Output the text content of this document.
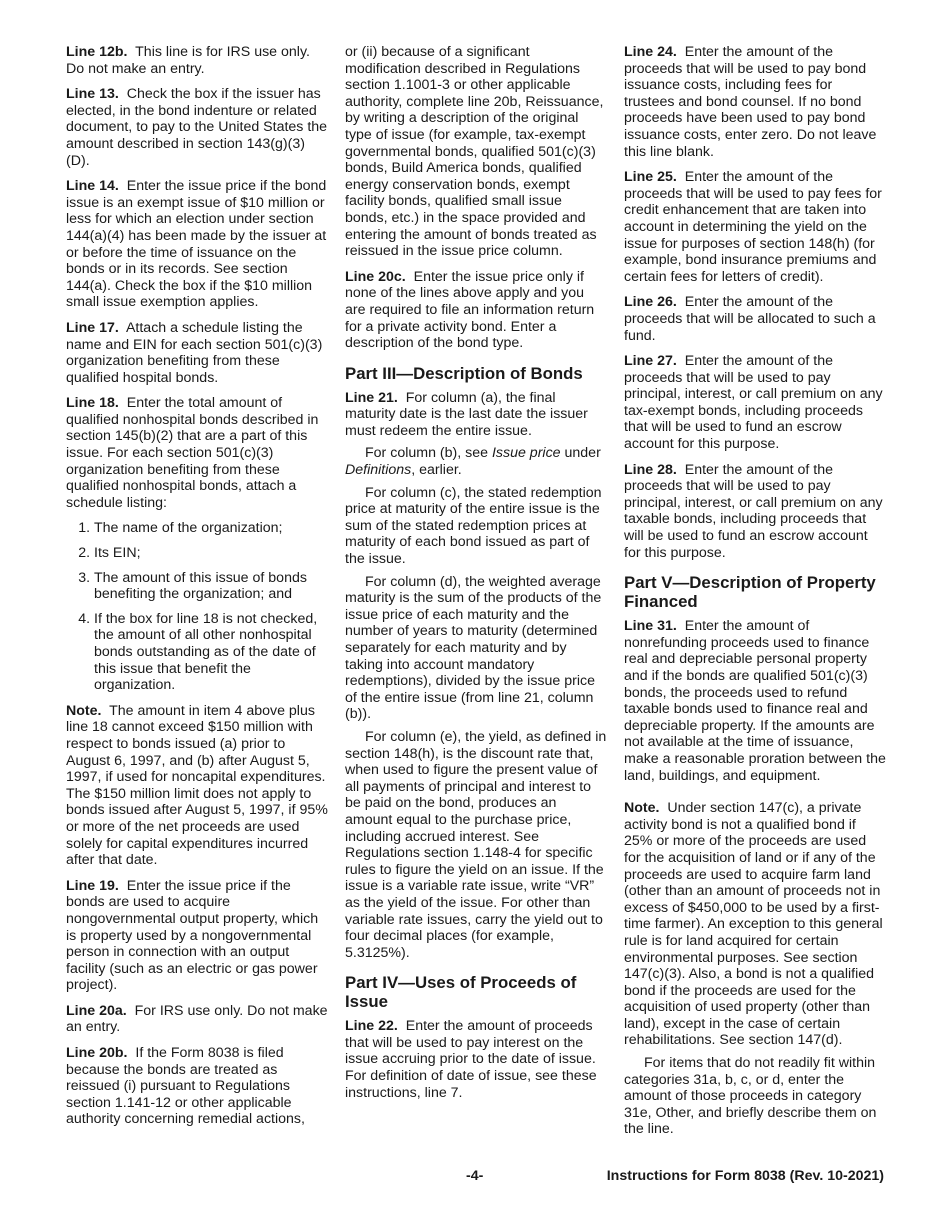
Line 12b. This line is for IRS use only. Do not make an entry.

Line 13. Check the box if the issuer has elected, in the bond indenture or related document, to pay to the United States the amount described in section 143(g)(3)(D).

Line 14. Enter the issue price if the bond issue is an exempt issue of $10 million or less for which an election under section 144(a)(4) has been made by the issuer at or before the time of issuance on the bonds or in its records. See section 144(a). Check the box if the $10 million small issue exemption applies.

Line 17. Attach a schedule listing the name and EIN for each section 501(c)(3) organization benefiting from these qualified hospital bonds.

Line 18. Enter the total amount of qualified nonhospital bonds described in section 145(b)(2) that are a part of this issue. For each section 501(c)(3) organization benefiting from these qualified nonhospital bonds, attach a schedule listing:

1. The name of the organization;
2. Its EIN;
3. The amount of this issue of bonds benefiting the organization; and
4. If the box for line 18 is not checked, the amount of all other nonhospital bonds outstanding as of the date of this issue that benefit the organization.

Note. The amount in item 4 above plus line 18 cannot exceed $150 million with respect to bonds issued (a) prior to August 6, 1997, and (b) after August 5, 1997, if used for noncapital expenditures. The $150 million limit does not apply to bonds issued after August 5, 1997, if 95% or more of the net proceeds are used solely for capital expenditures incurred after that date.

Line 19. Enter the issue price if the bonds are used to acquire nongovernmental output property, which is property used by a nongovernmental person in connection with an output facility (such as an electric or gas power project).

Line 20a. For IRS use only. Do not make an entry.

Line 20b. If the Form 8038 is filed because the bonds are treated as reissued (i) pursuant to Regulations section 1.141-12 or other applicable authority concerning remedial actions,

or (ii) because of a significant modification described in Regulations section 1.1001-3 or other applicable authority, complete line 20b, Reissuance, by writing a description of the original type of issue (for example, tax-exempt governmental bonds, qualified 501(c)(3) bonds, Build America bonds, qualified energy conservation bonds, exempt facility bonds, qualified small issue bonds, etc.) in the space provided and entering the amount of bonds treated as reissued in the issue price column.

Line 20c. Enter the issue price only if none of the lines above apply and you are required to file an information return for a private activity bond. Enter a description of the bond type.

Part III—Description of Bonds

Line 21. For column (a), the final maturity date is the last date the issuer must redeem the entire issue.

For column (b), see Issue price under Definitions, earlier.

For column (c), the stated redemption price at maturity of the entire issue is the sum of the stated redemption prices at maturity of each bond issued as part of the issue.

For column (d), the weighted average maturity is the sum of the products of the issue price of each maturity and the number of years to maturity (determined separately for each maturity and by taking into account mandatory redemptions), divided by the issue price of the entire issue (from line 21, column (b)).

For column (e), the yield, as defined in section 148(h), is the discount rate that, when used to figure the present value of all payments of principal and interest to be paid on the bond, produces an amount equal to the purchase price, including accrued interest. See Regulations section 1.148-4 for specific rules to figure the yield on an issue. If the issue is a variable rate issue, write “VR” as the yield of the issue. For other than variable rate issues, carry the yield out to four decimal places (for example, 5.3125%).

Part IV—Uses of Proceeds of Issue

Line 22. Enter the amount of proceeds that will be used to pay interest on the issue accruing prior to the date of issue. For definition of date of issue, see these instructions, line 7.

Line 24. Enter the amount of the proceeds that will be used to pay bond issuance costs, including fees for trustees and bond counsel. If no bond proceeds have been used to pay bond issuance costs, enter zero. Do not leave this line blank.

Line 25. Enter the amount of the proceeds that will be used to pay fees for credit enhancement that are taken into account in determining the yield on the issue for purposes of section 148(h) (for example, bond insurance premiums and certain fees for letters of credit).

Line 26. Enter the amount of the proceeds that will be allocated to such a fund.

Line 27. Enter the amount of the proceeds that will be used to pay principal, interest, or call premium on any tax-exempt bonds, including proceeds that will be used to fund an escrow account for this purpose.

Line 28. Enter the amount of the proceeds that will be used to pay principal, interest, or call premium on any taxable bonds, including proceeds that will be used to fund an escrow account for this purpose.

Part V—Description of Property Financed

Line 31. Enter the amount of nonrefunding proceeds used to finance real and depreciable personal property and if the bonds are qualified 501(c)(3) bonds, the proceeds used to refund taxable bonds used to finance real and depreciable property. If the amounts are not available at the time of issuance, make a reasonable proration between the land, buildings, and equipment.

Note. Under section 147(c), a private activity bond is not a qualified bond if 25% or more of the proceeds are used for the acquisition of land or if any of the proceeds are used to acquire farm land (other than an amount of proceeds not in excess of $450,000 to be used by a first-time farmer). An exception to this general rule is for land acquired for certain environmental purposes. See section 147(c)(3). Also, a bond is not a qualified bond if the proceeds are used for the acquisition of used property (other than land), except in the case of certain rehabilitations. See section 147(d).

For items that do not readily fit within categories 31a, b, c, or d, enter the amount of those proceeds in category 31e, Other, and briefly describe them on the line.

-4-	Instructions for Form 8038 (Rev. 10-2021)
